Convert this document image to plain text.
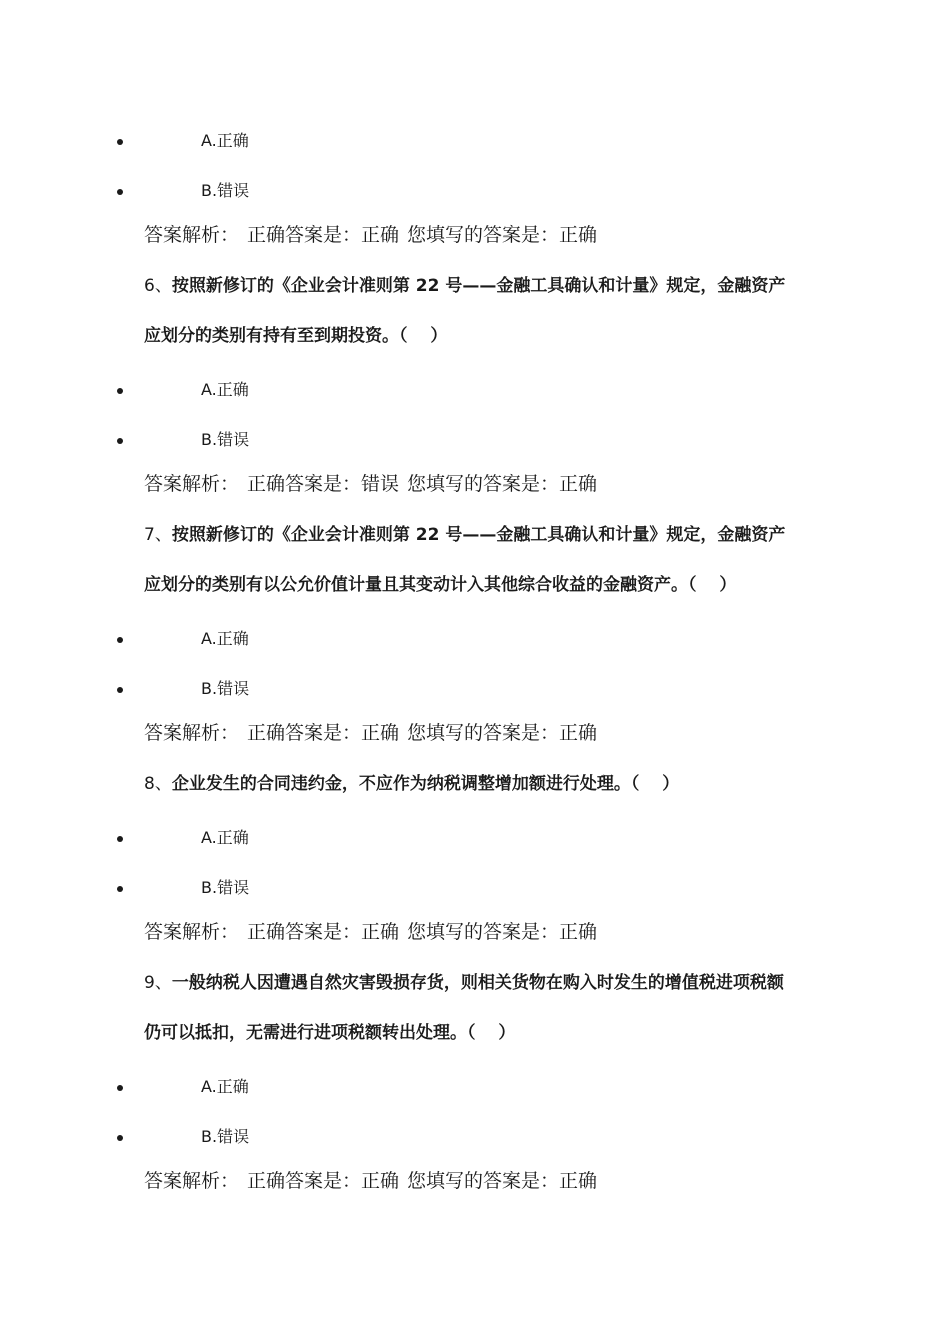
A.正确
B.错误
答案解析： 正确答案是：正确 您填写的答案是：正确
6、按照新修订的《企业会计准则第 22 号——金融工具确认和计量》规定，金融资产
应划分的类别有持有至到期投资。（　 ）
A.正确
B.错误
答案解析： 正确答案是：错误 您填写的答案是：正确
7、按照新修订的《企业会计准则第 22 号——金融工具确认和计量》规定，金融资产
应划分的类别有以公允价值计量且其变动计入其他综合收益的金融资产。（　 ）
A.正确
B.错误
答案解析： 正确答案是：正确 您填写的答案是：正确
8、企业发生的合同违约金，不应作为纳税调整增加额进行处理。（　 ）
A.正确
B.错误
答案解析： 正确答案是：正确 您填写的答案是：正确
9、一般纳税人因遭遇自然灾害毁损存货，则相关货物在购入时发生的增值税进项税额
仍可以抵扣，无需进行进项税额转出处理。（　 ）
A.正确
B.错误
答案解析： 正确答案是：正确 您填写的答案是：正确
